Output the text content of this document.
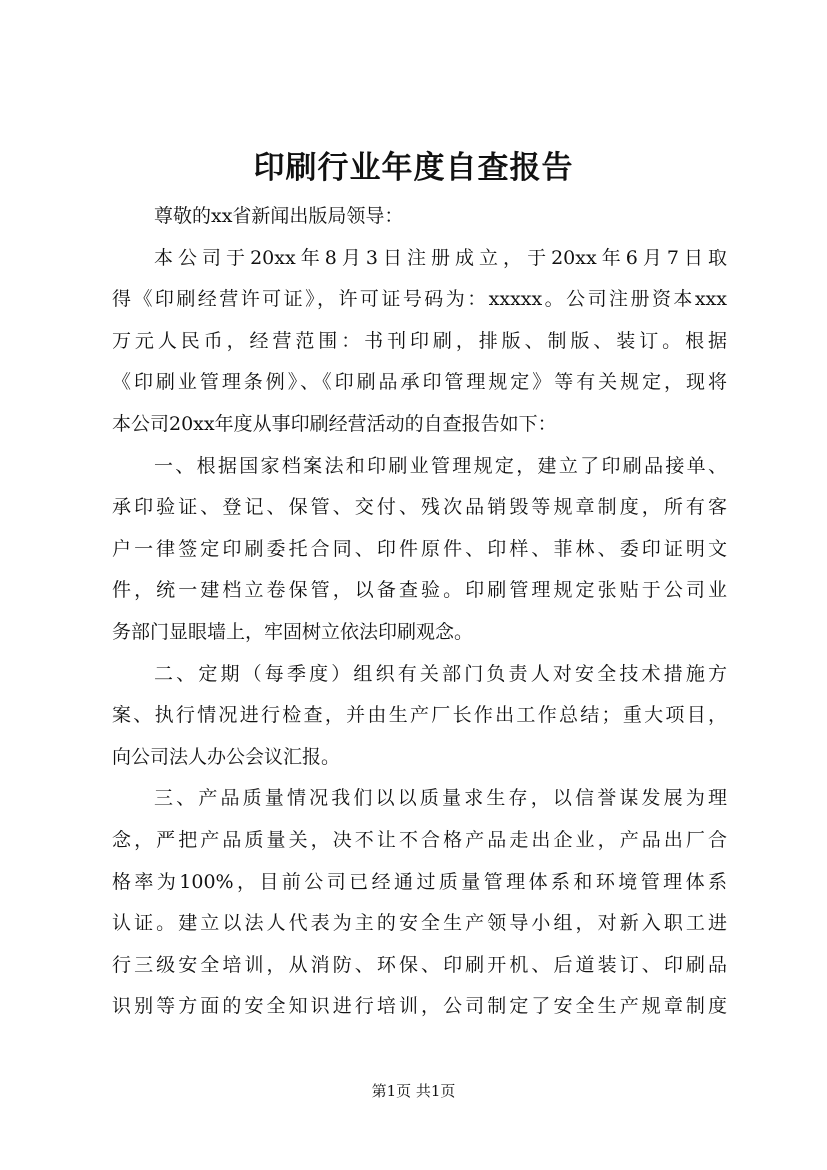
印刷行业年度自查报告
尊敬的xx省新闻出版局领导：
本公司于20xx年8月3日注册成立，于20xx年6月7日取
得《印刷经营许可证》，许可证号码为：xxxxx。公司注册资本xxx
万元人民币，经营范围：书刊印刷，排版、制版、装订。根据
《印刷业管理条例》、《印刷品承印管理规定》等有关规定，现将
本公司20xx年度从事印刷经营活动的自查报告如下：
一、根据国家档案法和印刷业管理规定，建立了印刷品接单、
承印验证、登记、保管、交付、残次品销毁等规章制度，所有客
户一律签定印刷委托合同、印件原件、印样、菲林、委印证明文
件，统一建档立卷保管，以备查验。印刷管理规定张贴于公司业
务部门显眼墙上，牢固树立依法印刷观念。
二、定期（每季度）组织有关部门负责人对安全技术措施方
案、执行情况进行检查，并由生产厂长作出工作总结；重大项目，
向公司法人办公会议汇报。
三、产品质量情况我们以以质量求生存，以信誉谋发展为理
念，严把产品质量关，决不让不合格产品走出企业，产品出厂合
格率为100%，目前公司已经通过质量管理体系和环境管理体系
认证。建立以法人代表为主的安全生产领导小组，对新入职工进
行三级安全培训，从消防、环保、印刷开机、后道装订、印刷品
识别等方面的安全知识进行培训，公司制定了安全生产规章制度
第1页 共1页
